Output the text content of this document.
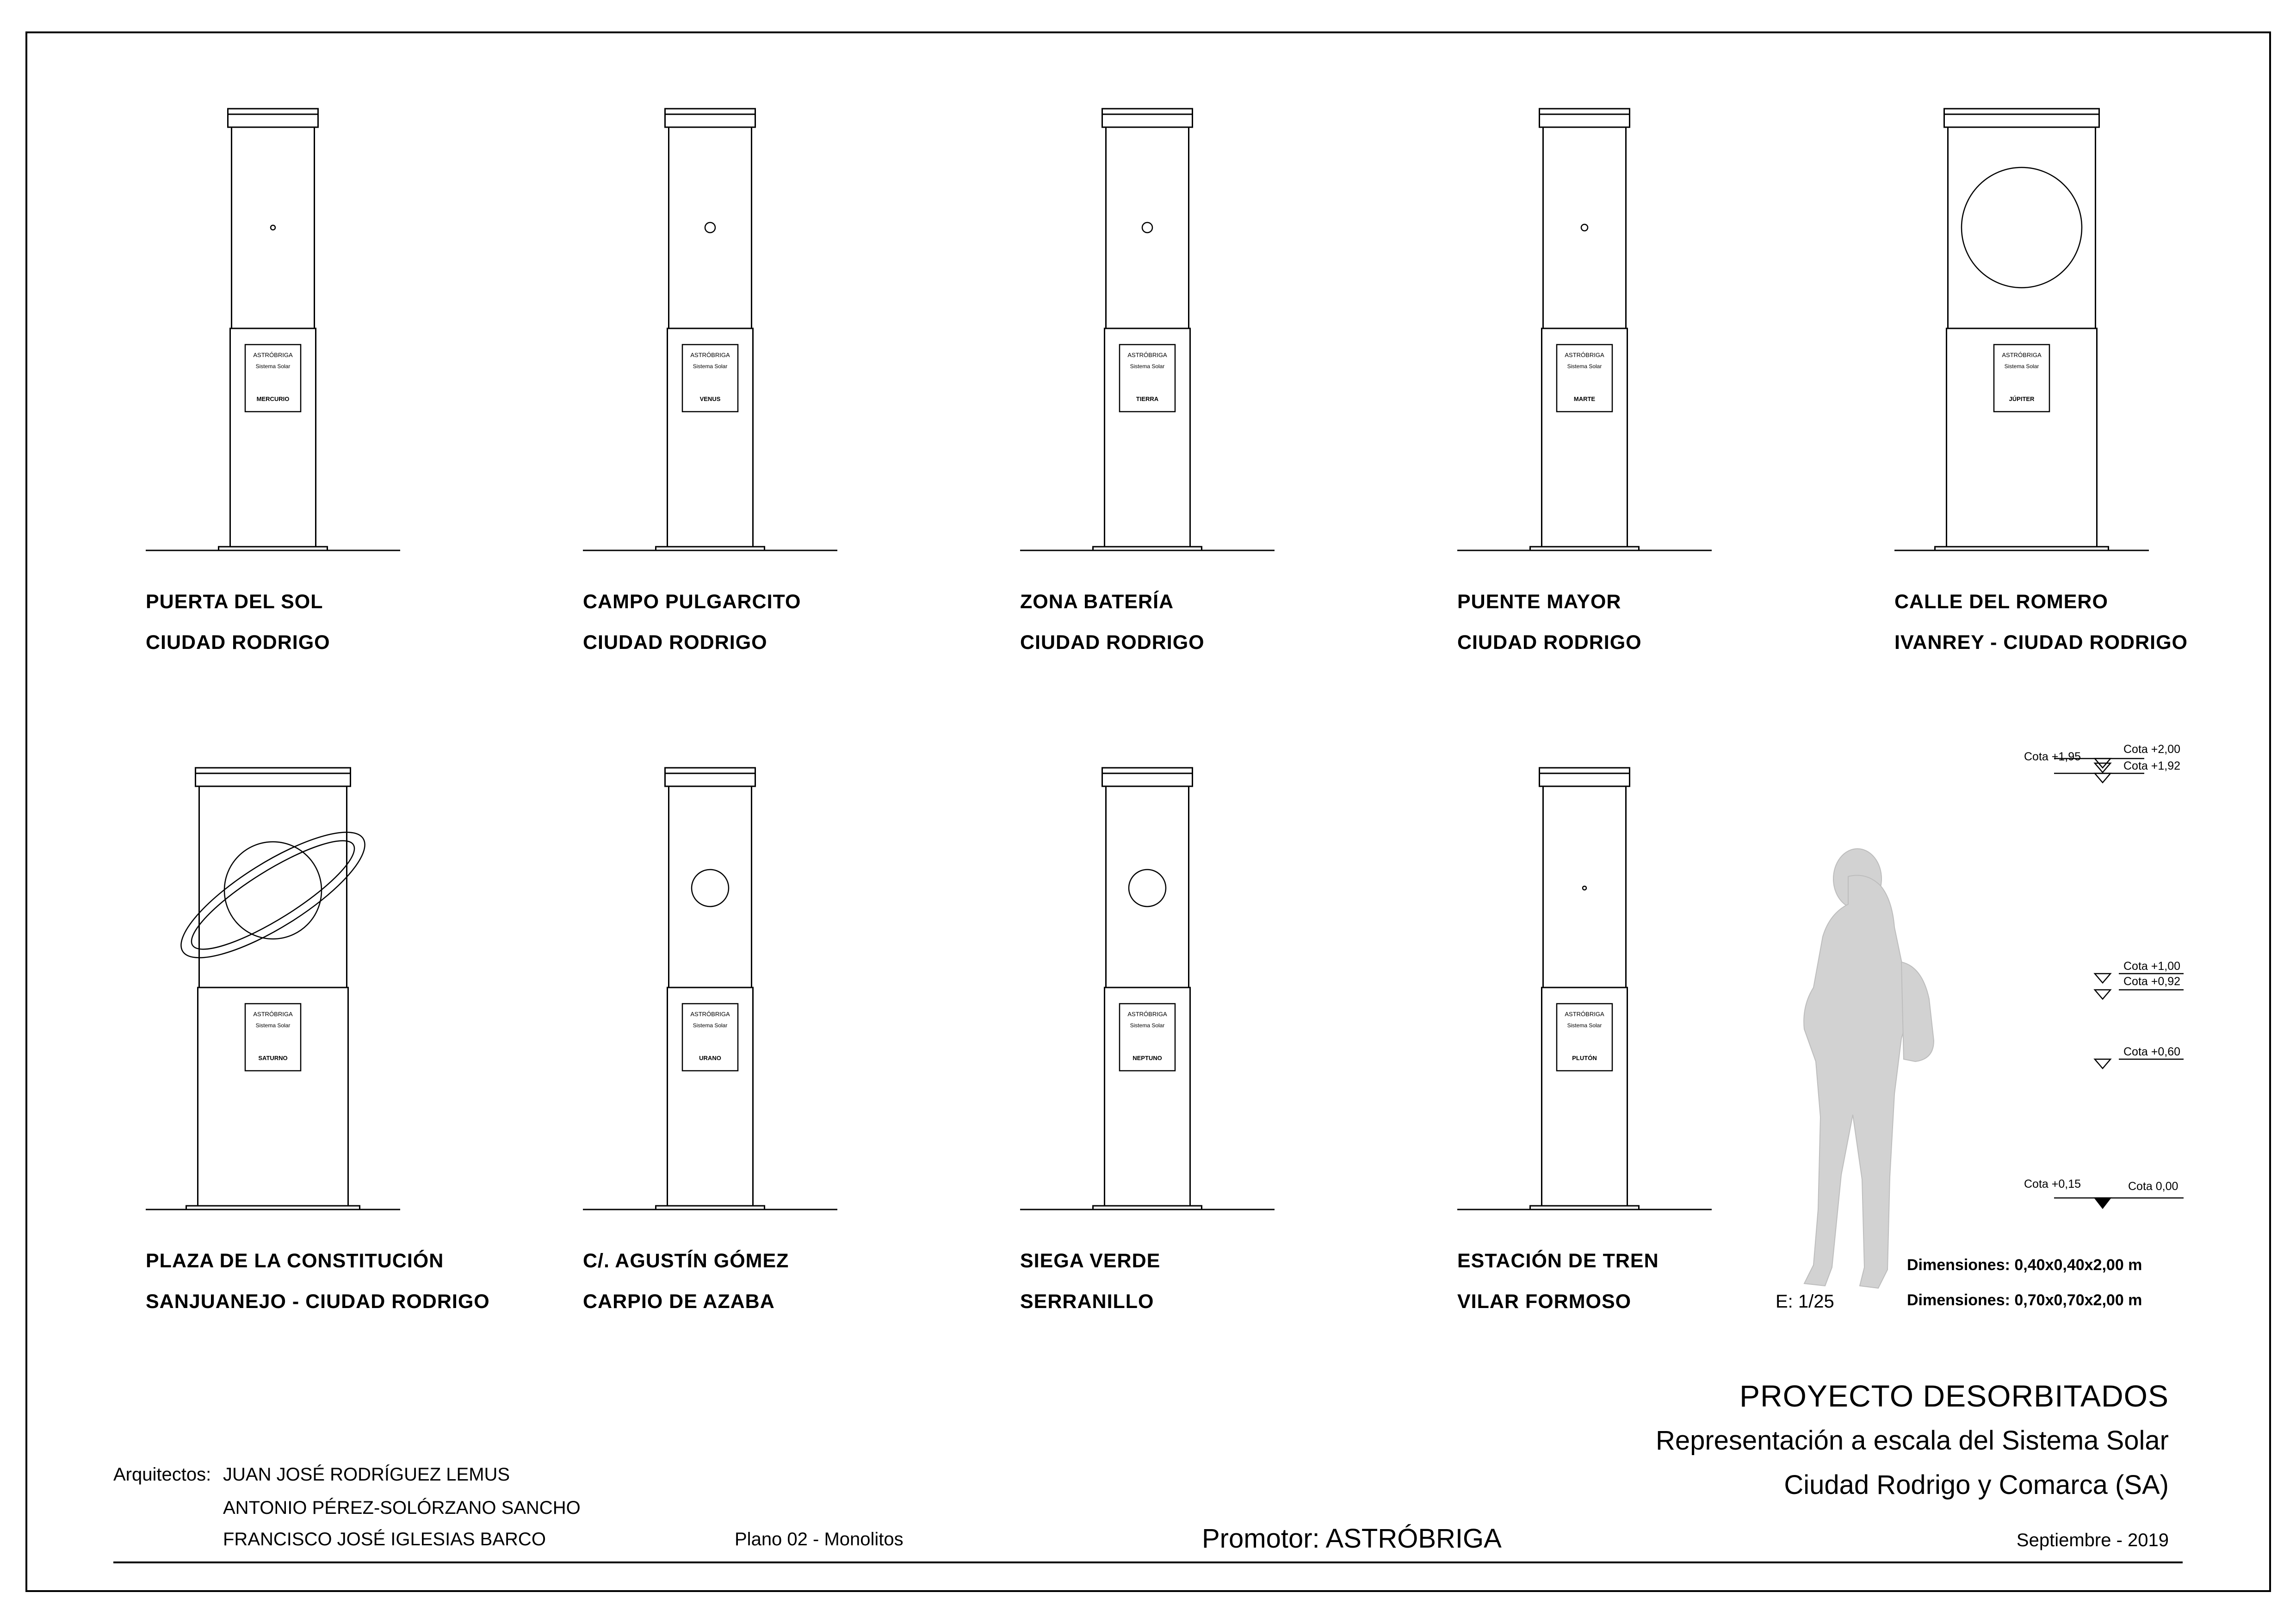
ASTRÓBRIGA
Sistema Solar
MERCURIO
ASTRÓBRIGA
Sistema Solar
VENUS
ASTRÓBRIGA
Sistema Solar
TIERRA
ASTRÓBRIGA
Sistema Solar
MARTE
ASTRÓBRIGA
Sistema Solar
JÚPITER
ASTRÓBRIGA
Sistema Solar
SATURNO
ASTRÓBRIGA
Sistema Solar
URANO
ASTRÓBRIGA
Sistema Solar
NEPTUNO
ASTRÓBRIGA
Sistema Solar
PLUTÓN
PUERTA DEL SOL
CIUDAD RODRIGO
CAMPO PULGARCITO
CIUDAD RODRIGO
ZONA BATERÍA
CIUDAD RODRIGO
PUENTE MAYOR
CIUDAD RODRIGO
CALLE DEL ROMERO
IVANREY - CIUDAD RODRIGO
PLAZA DE LA CONSTITUCIÓN
SANJUANEJO - CIUDAD RODRIGO
C/. AGUSTÍN GÓMEZ
CARPIO DE AZABA
SIEGA VERDE
SERRANILLO
ESTACIÓN DE TREN
VILAR FORMOSO
Cota +1,95
Cota +2,00
Cota +1,92
Cota +1,00
Cota +0,92
Cota +0,60
Cota +0,15	Cota 0,00
E: 1/25
Dimensiones: 0,40x0,40x2,00 m
Dimensiones: 0,70x0,70x2,00 m
PROYECTO DESORBITADOS
Representación a escala del Sistema Solar
Ciudad Rodrigo y Comarca (SA)
Arquitectos: JUAN JOSÉ RODRÍGUEZ LEMUS
ANTONIO PÉREZ-SOLÓRZANO SANCHO
FRANCISCO JOSÉ IGLESIAS BARCO	Plano 02 - Monolitos	Promotor: ASTRÓBRIGA	Septiembre - 2019
